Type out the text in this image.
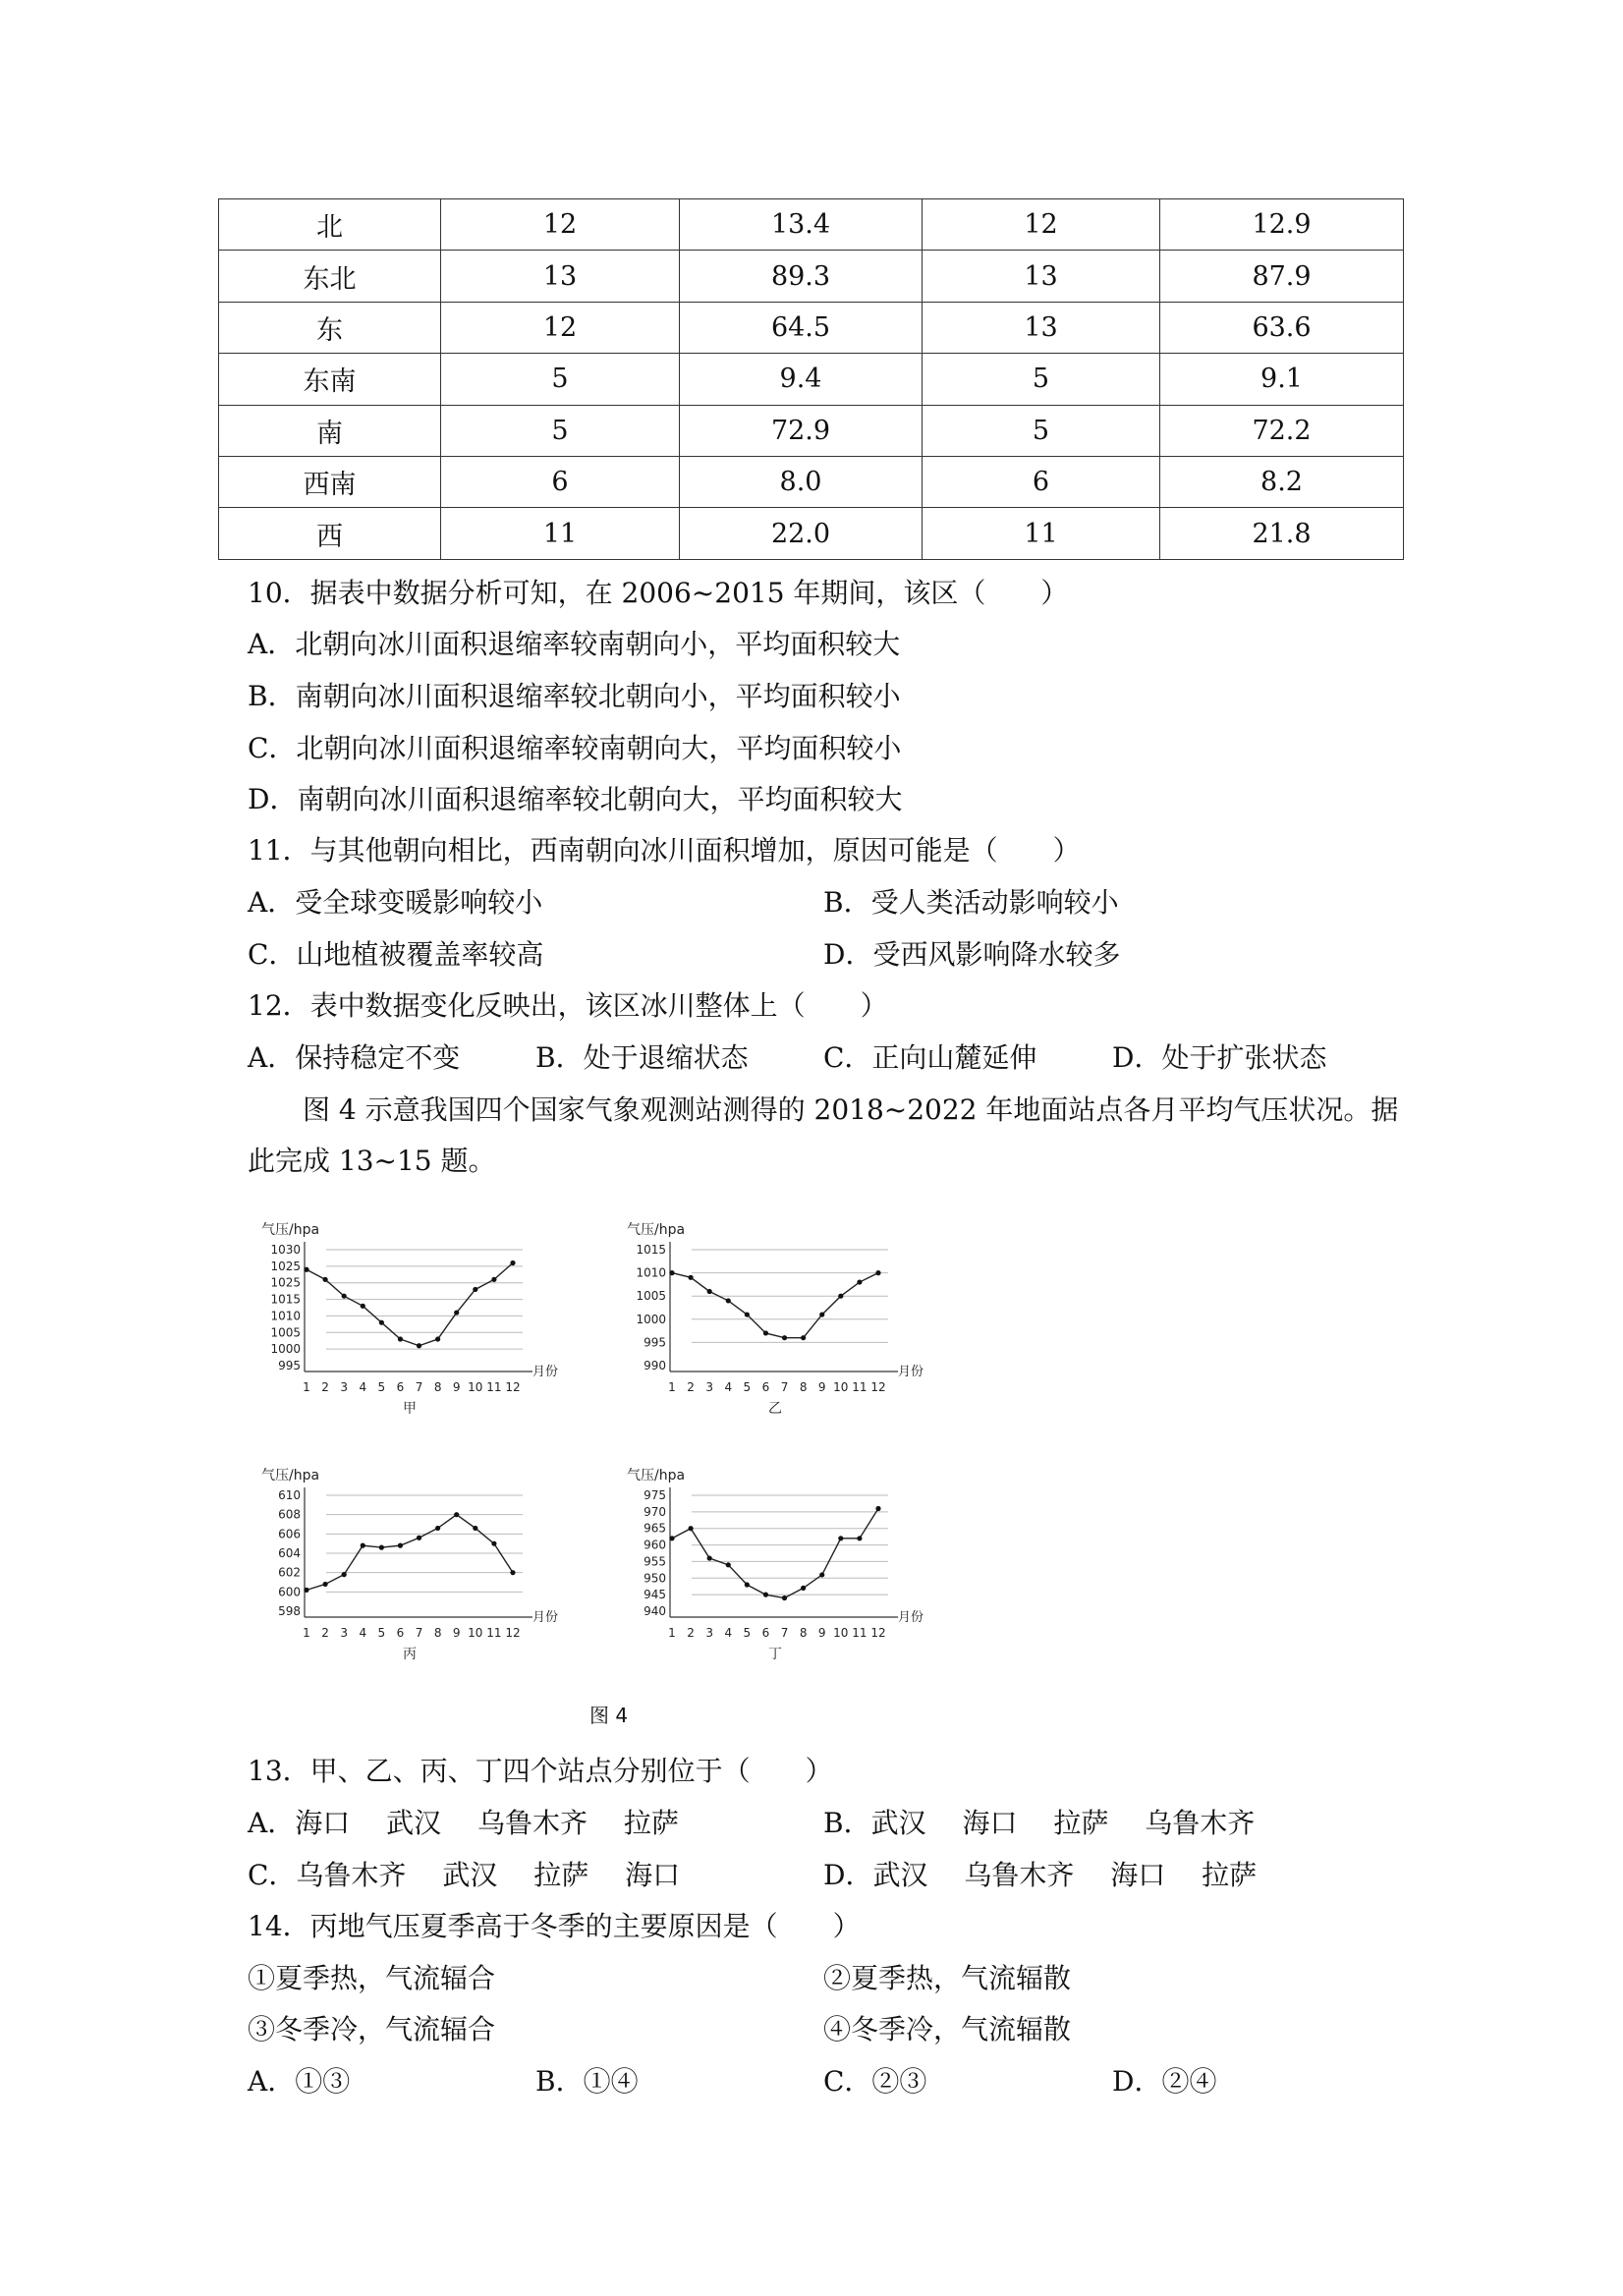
北	12	13.4	12	12.9
东北	13	89.3	13	87.9
东	12	64.5	13	63.6
东南	5	9.4	5	9.1
南	5	72.9	5	72.2
西南	6	8.0	6	8.2
西	11	22.0	11	21.8
10．据表中数据分析可知，在 2006~2015 年期间，该区（　　）
A．北朝向冰川面积退缩率较南朝向小，平均面积较大
B．南朝向冰川面积退缩率较北朝向小，平均面积较小
C．北朝向冰川面积退缩率较南朝向大，平均面积较小
D．南朝向冰川面积退缩率较北朝向大，平均面积较大
11．与其他朝向相比，西南朝向冰川面积增加，原因可能是（　　）
A．受全球变暖影响较小	B．受人类活动影响较小
C．山地植被覆盖率较高	D．受西风影响降水较多
12．表中数据变化反映出，该区冰川整体上（　　）
A．保持稳定不变	B．处于退缩状态	C．正向山麓延伸	D．处于扩张状态
图 4 示意我国四个国家气象观测站测得的 2018~2022 年地面站点各月平均气压状况。据此完成 13~15 题。
气压/hpa
995
1000
1005
1010
1015
1025
1025
1030
1 2 3 4 5 6 7 8 9 10 11 12
月份
甲
气压/hpa
990
995
1000
1005
1010
1015
1 2 3 4 5 6 7 8 9 10 11 12
月份
乙
气压/hpa
598
600
602
604
606
608
610
1 2 3 4 5 6 7 8 9 10 11 12
月份
丙
气压/hpa
940
945
950
955
960
965
970
975
1 2 3 4 5 6 7 8 9 10 11 12
月份
丁
图 4
13．甲、乙、丙、丁四个站点分别位于（　　）
A．海口　 武汉　 乌鲁木齐　 拉萨	B．武汉　 海口　 拉萨　 乌鲁木齐
C．乌鲁木齐　 武汉　 拉萨　 海口	D．武汉　 乌鲁木齐　 海口　 拉萨
14．丙地气压夏季高于冬季的主要原因是（　　）
①夏季热，气流辐合	②夏季热，气流辐散
③冬季冷，气流辐合	④冬季冷，气流辐散
A．①③	B．①④	C．②③	D．②④
